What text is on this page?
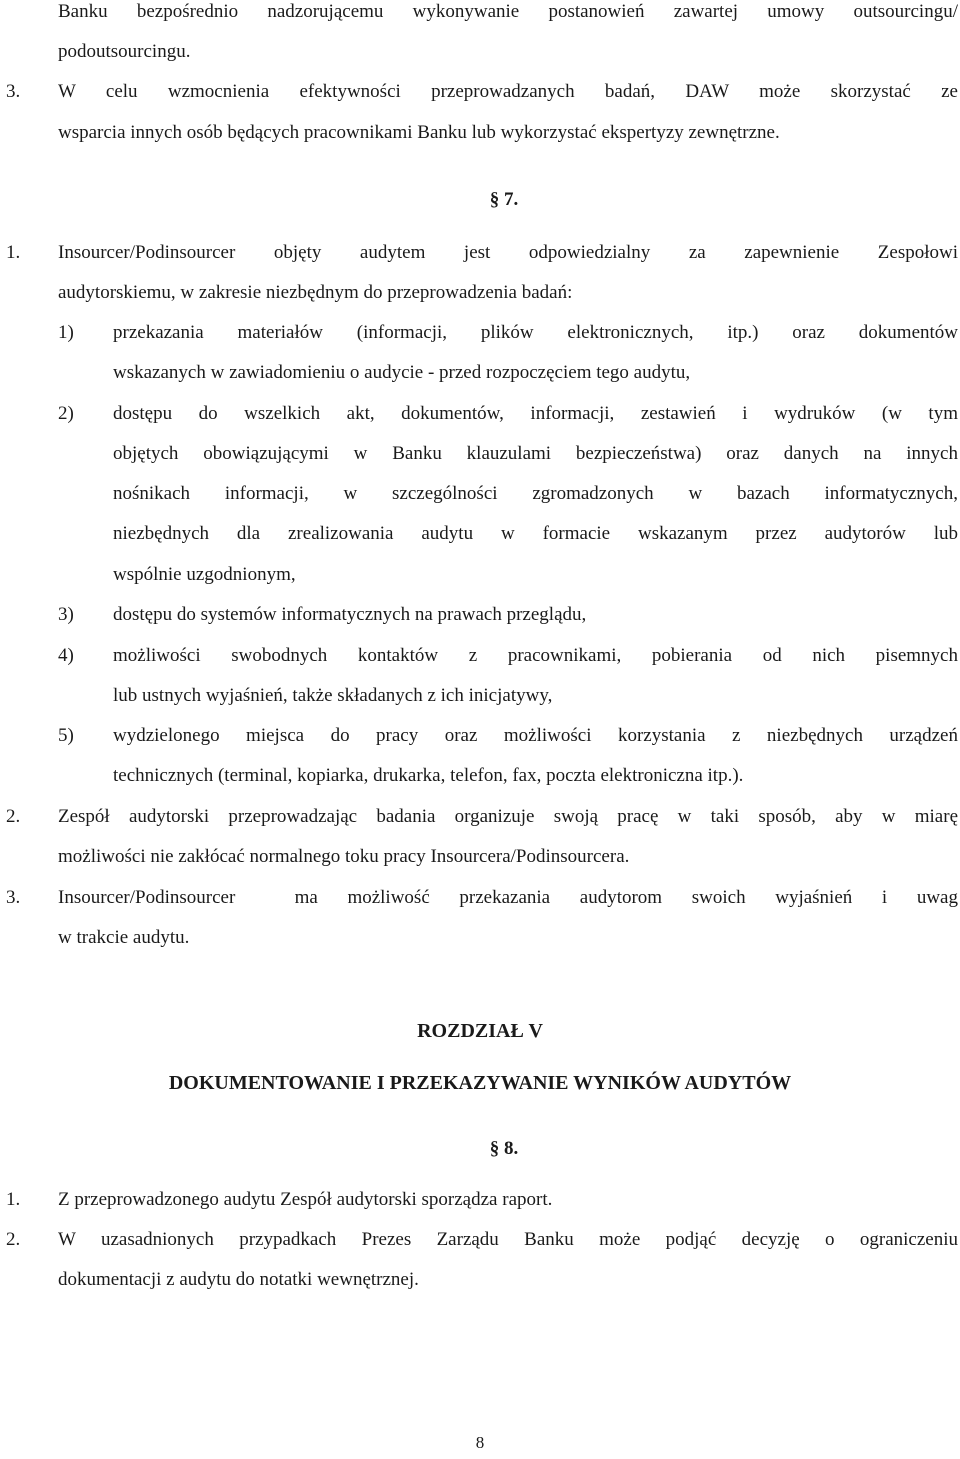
Banku bezpośrednio nadzorującemu wykonywanie postanowień zawartej umowy outsourcingu/
podoutsourcingu.
3. W celu wzmocnienia efektywności przeprowadzanych badań, DAW może skorzystać ze
wsparcia innych osób będących pracownikami Banku lub wykorzystać ekspertyzy zewnętrzne.
§ 7.
1. Insourcer/Podinsourcer objęty audytem jest odpowiedzialny za zapewnienie Zespołowi
audytorskiemu, w zakresie niezbędnym do przeprowadzenia badań:
1) przekazania materiałów (informacji, plików elektronicznych, itp.) oraz dokumentów
wskazanych w zawiadomieniu o audycie - przed rozpoczęciem tego audytu,
2) dostępu do wszelkich akt, dokumentów, informacji, zestawień i wydruków (w tym
objętych obowiązującymi w Banku klauzulami bezpieczeństwa) oraz danych na innych
nośnikach informacji, w szczególności zgromadzonych w bazach informatycznych,
niezbędnych dla zrealizowania audytu w formacie wskazanym przez audytorów lub
wspólnie uzgodnionym,
3) dostępu do systemów informatycznych na prawach przeglądu,
4) możliwości swobodnych kontaktów z pracownikami, pobierania od nich pisemnych
lub ustnych wyjaśnień, także składanych z ich inicjatywy,
5) wydzielonego miejsca do pracy oraz możliwości korzystania z niezbędnych urządzeń
technicznych (terminal, kopiarka, drukarka, telefon, fax, poczta elektroniczna itp.).
2. Zespół audytorski przeprowadzając badania organizuje swoją pracę w taki sposób, aby w miarę
możliwości nie zakłócać normalnego toku pracy Insourcera/Podinsourcera.
3. Insourcer/Podinsourcer  ma możliwość przekazania audytorom swoich wyjaśnień i uwag
w trakcie audytu.
ROZDZIAŁ V
DOKUMENTOWANIE I PRZEKAZYWANIE WYNIKÓW AUDYTÓW
§ 8.
1. Z przeprowadzonego audytu Zespół audytorski sporządza raport.
2. W uzasadnionych przypadkach Prezes Zarządu Banku może podjąć decyzję o ograniczeniu
dokumentacji z audytu do notatki wewnętrznej.
8
